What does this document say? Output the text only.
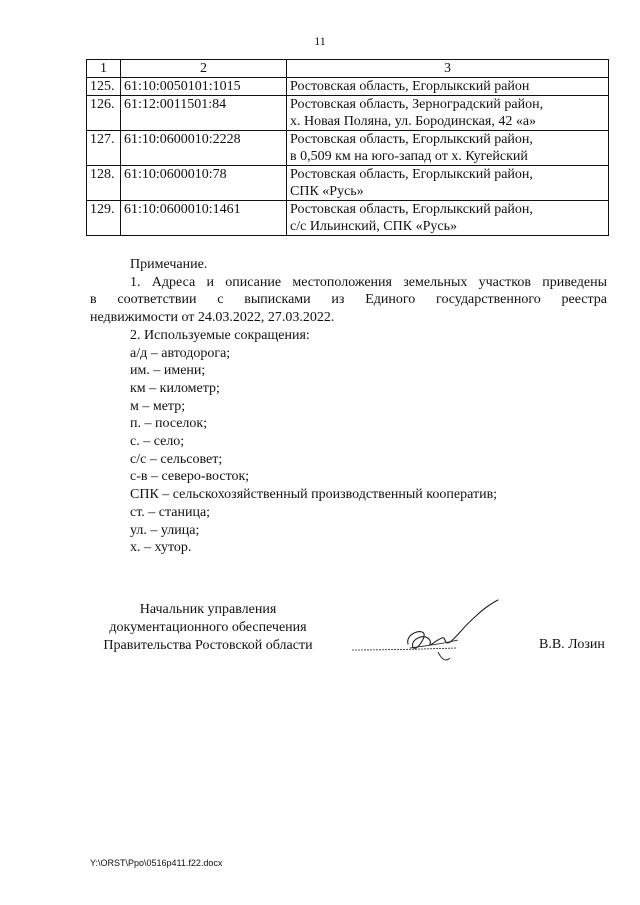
11
1	2	3
125.	61:10:0050101:1015	Ростовская область, Егорлыкский район

126.	61:12:0011501:84	Ростовская область, Зерноградский район,
х. Новая Поляна, ул. Бородинская, 42 «а»

127.	61:10:0600010:2228	Ростовская область, Егорлыкский район,
в 0,509 км на юго-запад от х. Кугейский

128.	61:10:0600010:78	Ростовская область, Егорлыкский район,
СПК «Русь»

129.	61:10:0600010:1461	Ростовская область, Егорлыкский район,
с/с Ильинский, СПК «Русь»

Примечание.

1. Адреса и описание местоположения земельных участков приведены

в соответствии с выписками из Единого государственного реестра

недвижимости от 24.03.2022, 27.03.2022.

2. Используемые сокращения:

а/д – автодорога;

им. – имени;

км – километр;

м – метр;

п. – поселок;

с. – село;

с/с – сельсовет;

с-в – северо-восток;

СПК – сельскохозяйственный производственный кооператив;

ст. – станица;

ул. – улица;

х. – хутор.

Начальник управления
документационного обеспечения
Правительства Ростовской области	В.В. Лозин
Y:\ORST\Ppo\0516p411.f22.docx
